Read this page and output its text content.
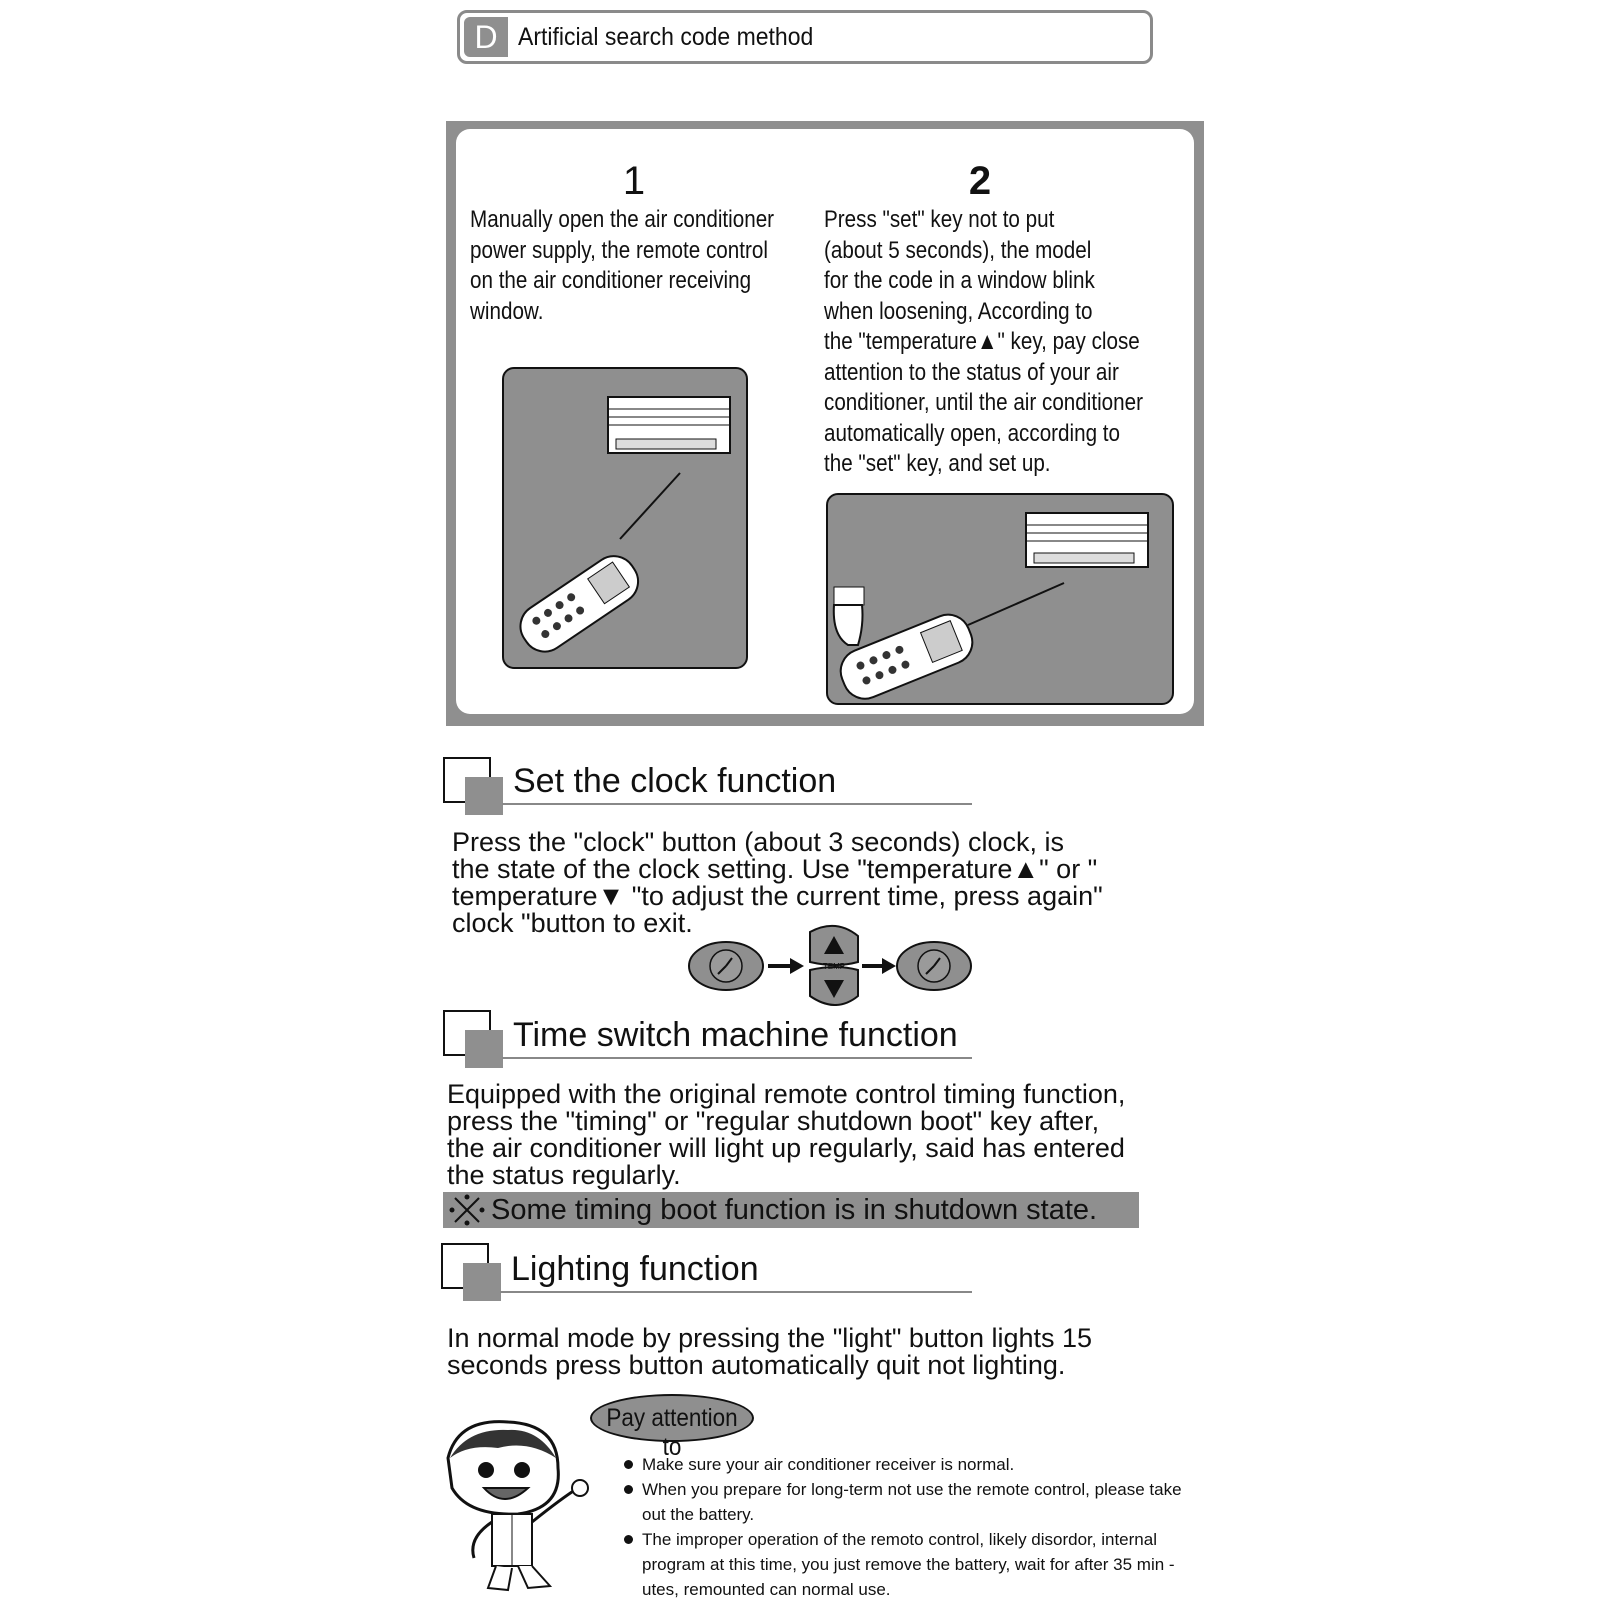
D Artificial search code method
1
Manually open the air conditioner
power supply, the remote control
on the air conditioner receiving
window.
2
Press "set" key not to put
(about 5 seconds), the model
for the code in a window blink
when loosening, According to
the "temperature▲" key, pay close
attention to the status of your air
conditioner, until the air conditioner
automatically open, according to
the "set" key, and set up.
Set the clock function
Press the "clock" button (about 3 seconds) clock, is
the state of the clock setting. Use "temperature▲" or "
temperature▼ "to adjust the current time, press again"
clock "button to exit.
TEMP
Time switch machine function
Equipped with the original remote control timing function,
press the "timing" or "regular shutdown boot" key after,
the air conditioner will light up regularly, said has entered
the status regularly.
Some timing boot function is in shutdown state.
Lighting function
In normal mode by pressing the "light" button lights 15
seconds press button automatically quit not lighting.
Pay attention to
Make sure your air conditioner receiver is normal.
When you prepare for long-term not use the remote control, please take out the battery.
The improper operation of the remoto control, likely disordor, internal program at this time, you just remove the battery, wait for after 35 min -utes, remounted can normal use.
